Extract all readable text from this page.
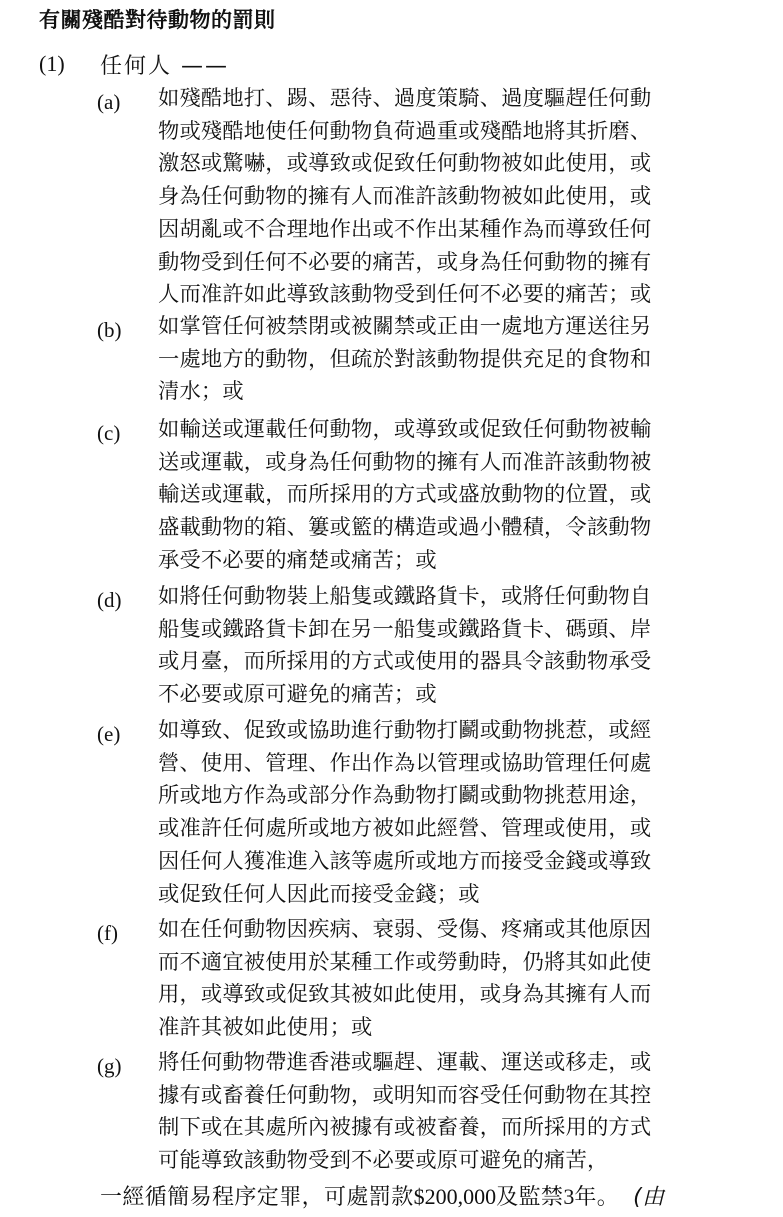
有關殘酷對待動物的罰則
(1) 任何人 ——
(a) 如殘酷地打、踢、惡待、過度策騎、過度驅趕任何動
物或殘酷地使任何動物負荷過重或殘酷地將其折磨、
激怒或驚嚇，或導致或促致任何動物被如此使用，或
身為任何動物的擁有人而准許該動物被如此使用，或
因胡亂或不合理地作出或不作出某種作為而導致任何
動物受到任何不必要的痛苦，或身為任何動物的擁有
人而准許如此導致該動物受到任何不必要的痛苦；或

(b) 如掌管任何被禁閉或被關禁或正由一處地方運送往另
一處地方的動物，但疏於對該動物提供充足的食物和
清水；或

(c) 如輸送或運載任何動物，或導致或促致任何動物被輸
送或運載，或身為任何動物的擁有人而准許該動物被
輸送或運載，而所採用的方式或盛放動物的位置，或
盛載動物的箱、簍或籃的構造或過小體積，令該動物
承受不必要的痛楚或痛苦；或

(d) 如將任何動物裝上船隻或鐵路貨卡，或將任何動物自
船隻或鐵路貨卡卸在另一船隻或鐵路貨卡、碼頭、岸
或月臺，而所採用的方式或使用的器具令該動物承受
不必要或原可避免的痛苦；或

(e) 如導致、促致或協助進行動物打鬬或動物挑惹，或經
營、使用、管理、作出作為以管理或協助管理任何處
所或地方作為或部分作為動物打鬬或動物挑惹用途，
或准許任何處所或地方被如此經營、管理或使用，或
因任何人獲准進入該等處所或地方而接受金錢或導致
或促致任何人因此而接受金錢；或

(f) 如在任何動物因疾病、衰弱、受傷、疼痛或其他原因
而不適宜被使用於某種工作或勞動時，仍將其如此使
用，或導致或促致其被如此使用，或身為其擁有人而
准許其被如此使用；或

(g) 將任何動物帶進香港或驅趕、運載、運送或移走，或
據有或畜養任何動物，或明知而容受任何動物在其控
制下或在其處所內被據有或被畜養，而所採用的方式
可能導致該動物受到不必要或原可避免的痛苦，

一經循簡易程序定罪，可處罰款$200,000及監禁3年。 (由
